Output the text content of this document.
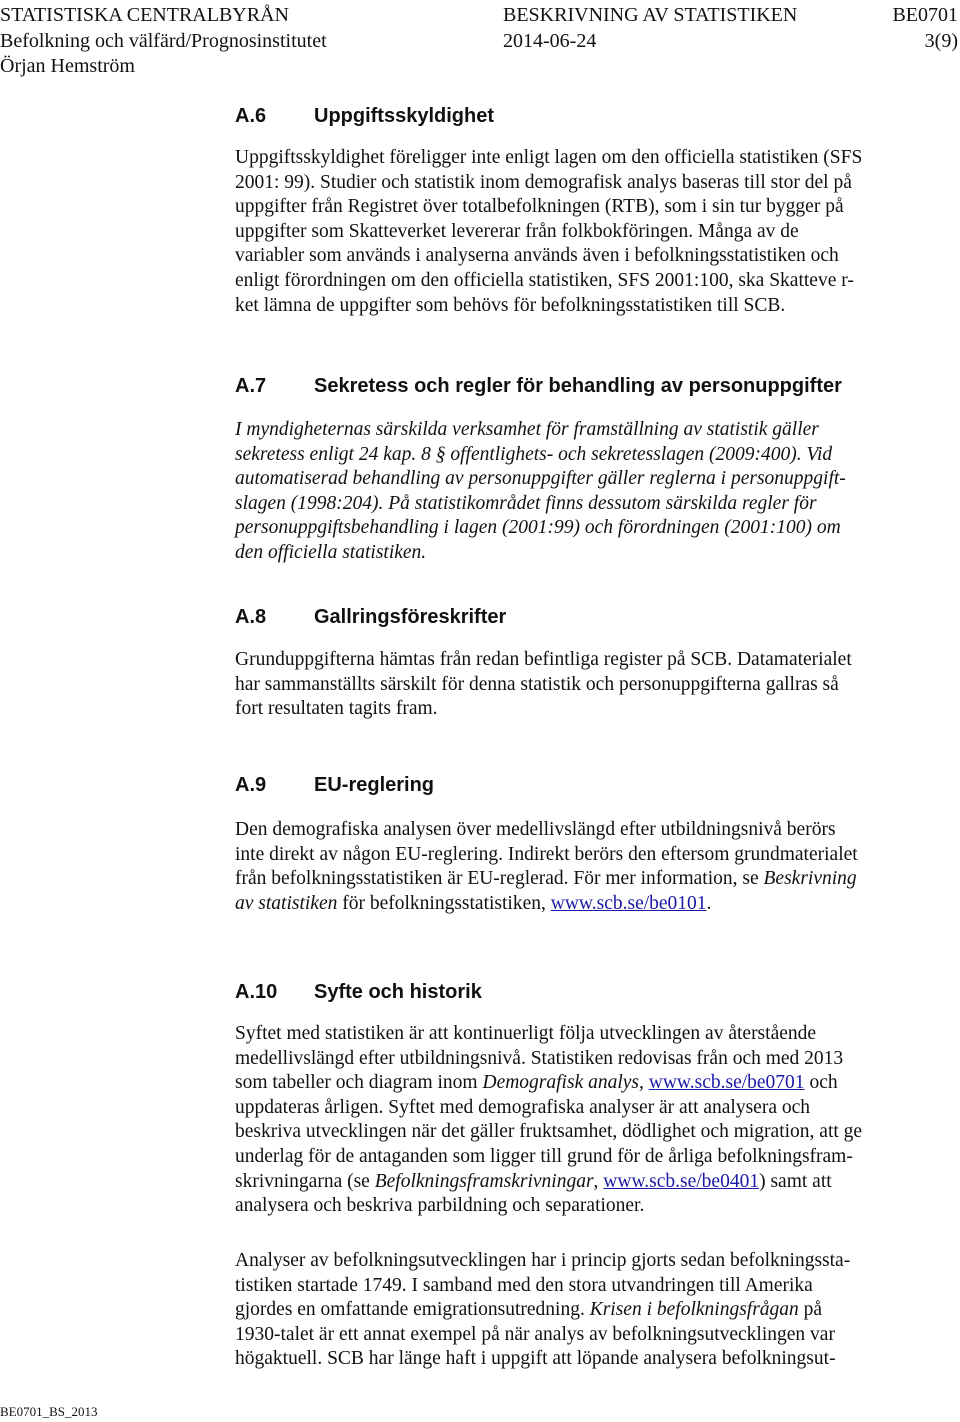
STATISTISKA CENTRALBYRÅN	BESKRIVNING AV STATISTIKEN	BE0701
Befolkning och välfärd/Prognosinstitutet	2014-06-24	3(9)
Örjan Hemström
A.6 Uppgiftsskyldighet
Uppgiftsskyldighet föreligger inte enligt lagen om den officiella statistiken (SFS
2001: 99). Studier och statistik inom demografisk analys baseras till stor del på
uppgifter från Registret över totalbefolkningen (RTB), som i sin tur bygger på
uppgifter som Skatteverket levererar från folkbokföringen. Många av de
variabler som används i analyserna används även i befolkningsstatistiken och
enligt förordningen om den officiella statistiken, SFS 2001:100, ska Skatteve r-
ket lämna de uppgifter som behövs för befolkningsstatistiken till SCB.
A.7 Sekretess och regler för behandling av personuppgifter
I myndigheternas särskilda verksamhet för framställning av statistik gäller
sekretess enligt 24 kap. 8 § offentlighets- och sekretesslagen (2009:400). Vid
automatiserad behandling av personuppgifter gäller reglerna i personuppgift-
slagen (1998:204). På statistikområdet finns dessutom särskilda regler för
personuppgiftsbehandling i lagen (2001:99) och förordningen (2001:100) om
den officiella statistiken.
A.8 Gallringsföreskrifter
Grunduppgifterna hämtas från redan befintliga register på SCB. Datamaterialet
har sammanställts särskilt för denna statistik och personuppgifterna gallras så
fort resultaten tagits fram.
A.9 EU-reglering
Den demografiska analysen över medellivslängd efter utbildningsnivå berörs
inte direkt av någon EU-reglering. Indirekt berörs den eftersom grundmaterialet
från befolkningsstatistiken är EU-reglerad. För mer information, se Beskrivning
av statistiken för befolkningsstatistiken, www.scb.se/be0101.
A.10 Syfte och historik
Syftet med statistiken är att kontinuerligt följa utvecklingen av återstående
medellivslängd efter utbildningsnivå. Statistiken redovisas från och med 2013
som tabeller och diagram inom Demografisk analys, www.scb.se/be0701 och
uppdateras årligen. Syftet med demografiska analyser är att analysera och
beskriva utvecklingen när det gäller fruktsamhet, dödlighet och migration, att ge
underlag för de antaganden som ligger till grund för de årliga befolkningsfram-
skrivningarna (se Befolkningsframskrivningar, www.scb.se/be0401) samt att
analysera och beskriva parbildning och separationer.
Analyser av befolkningsutvecklingen har i princip gjorts sedan befolkningssta-
tistiken startade 1749. I samband med den stora utvandringen till Amerika
gjordes en omfattande emigrationsutredning. Krisen i befolkningsfrågan på
1930-talet är ett annat exempel på när analys av befolkningsutvecklingen var
högaktuell. SCB har länge haft i uppgift att löpande analysera befolkningsut-
BE0701_BS_2013
